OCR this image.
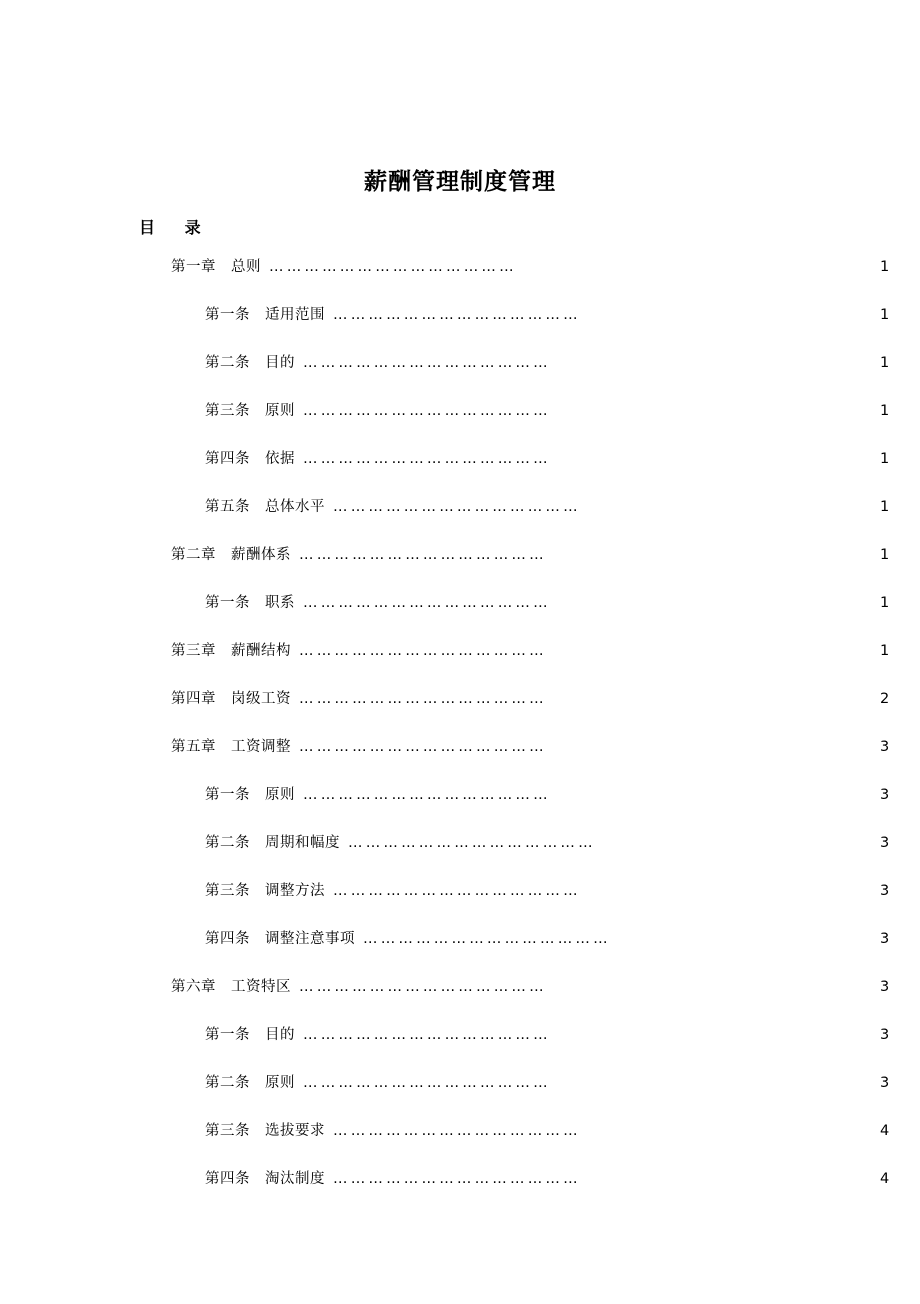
薪酬管理制度管理
目 录
第一章　总则 ……………………………………	1
第一条　适用范围 ……………………………………	1
第二条　目的 ……………………………………	1
第三条　原则 ……………………………………	1
第四条　依据 ……………………………………	1
第五条　总体水平 ……………………………………	1
第二章　薪酬体系 ……………………………………	1
第一条　职系 ……………………………………	1
第三章　薪酬结构 ……………………………………	1
第四章　岗级工资 ……………………………………	2
第五章　工资调整 ……………………………………	3
第一条　原则 ……………………………………	3
第二条　周期和幅度 ……………………………………	3
第三条　调整方法 ……………………………………	3
第四条　调整注意事项 ……………………………………	3
第六章　工资特区 ……………………………………	3
第一条　目的 ……………………………………	3
第二条　原则 ……………………………………	3
第三条　选拔要求 ……………………………………	4
第四条　淘汰制度 ……………………………………	4
